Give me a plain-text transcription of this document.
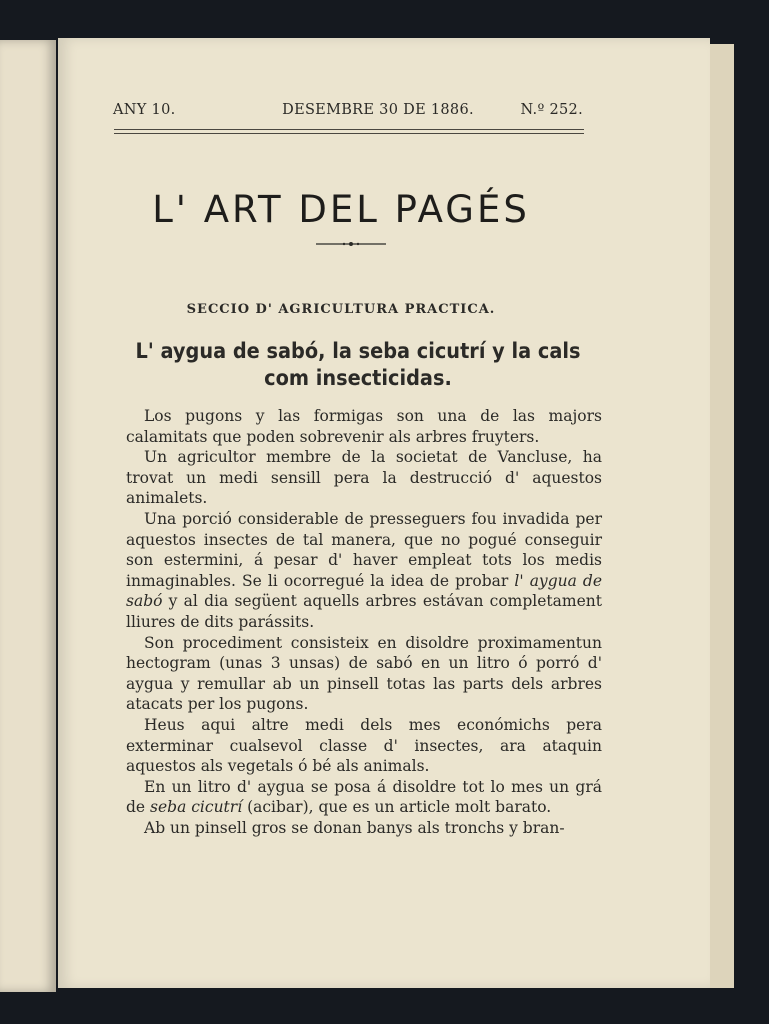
ANY 10.	DESEMBRE 30 DE 1886.	N.º 252.
L' ART DEL PAGÉS
SECCIO D' AGRICULTURA PRACTICA.
L' aygua de sabó, la seba cicutrí y la cals
com insecticidas.

Los pugons y las formigas son una de las majors calamitats que poden sobrevenir als arbres fruyters.

Un agricultor membre de la societat de Vancluse, ha trovat un medi sensill pera la destrucció d' aquestos animalets.

Una porció considerable de presseguers fou invadida per aquestos insectes de tal manera, que no pogué conseguir son estermini, á pesar d' haver empleat tots los medis inmaginables. Se li ocorregué la idea de probar l' aygua de sabó y al dia següent aquells arbres estávan completament lliures de dits parássits.

Son procediment consisteix en disoldre proximamentun hectogram (unas 3 unsas) de sabó en un litro ó porró d' aygua y remullar ab un pinsell totas las parts dels arbres atacats per los pugons.

Heus aqui altre medi dels mes económichs pera exterminar cualsevol classe d' insectes, ara ataquin aquestos als vegetals ó bé als animals.

En un litro d' aygua se posa á disoldre tot lo mes un grá de seba cicutrí (acibar), que es un article molt barato.

Ab un pinsell gros se donan banys als tronchs y bran-
